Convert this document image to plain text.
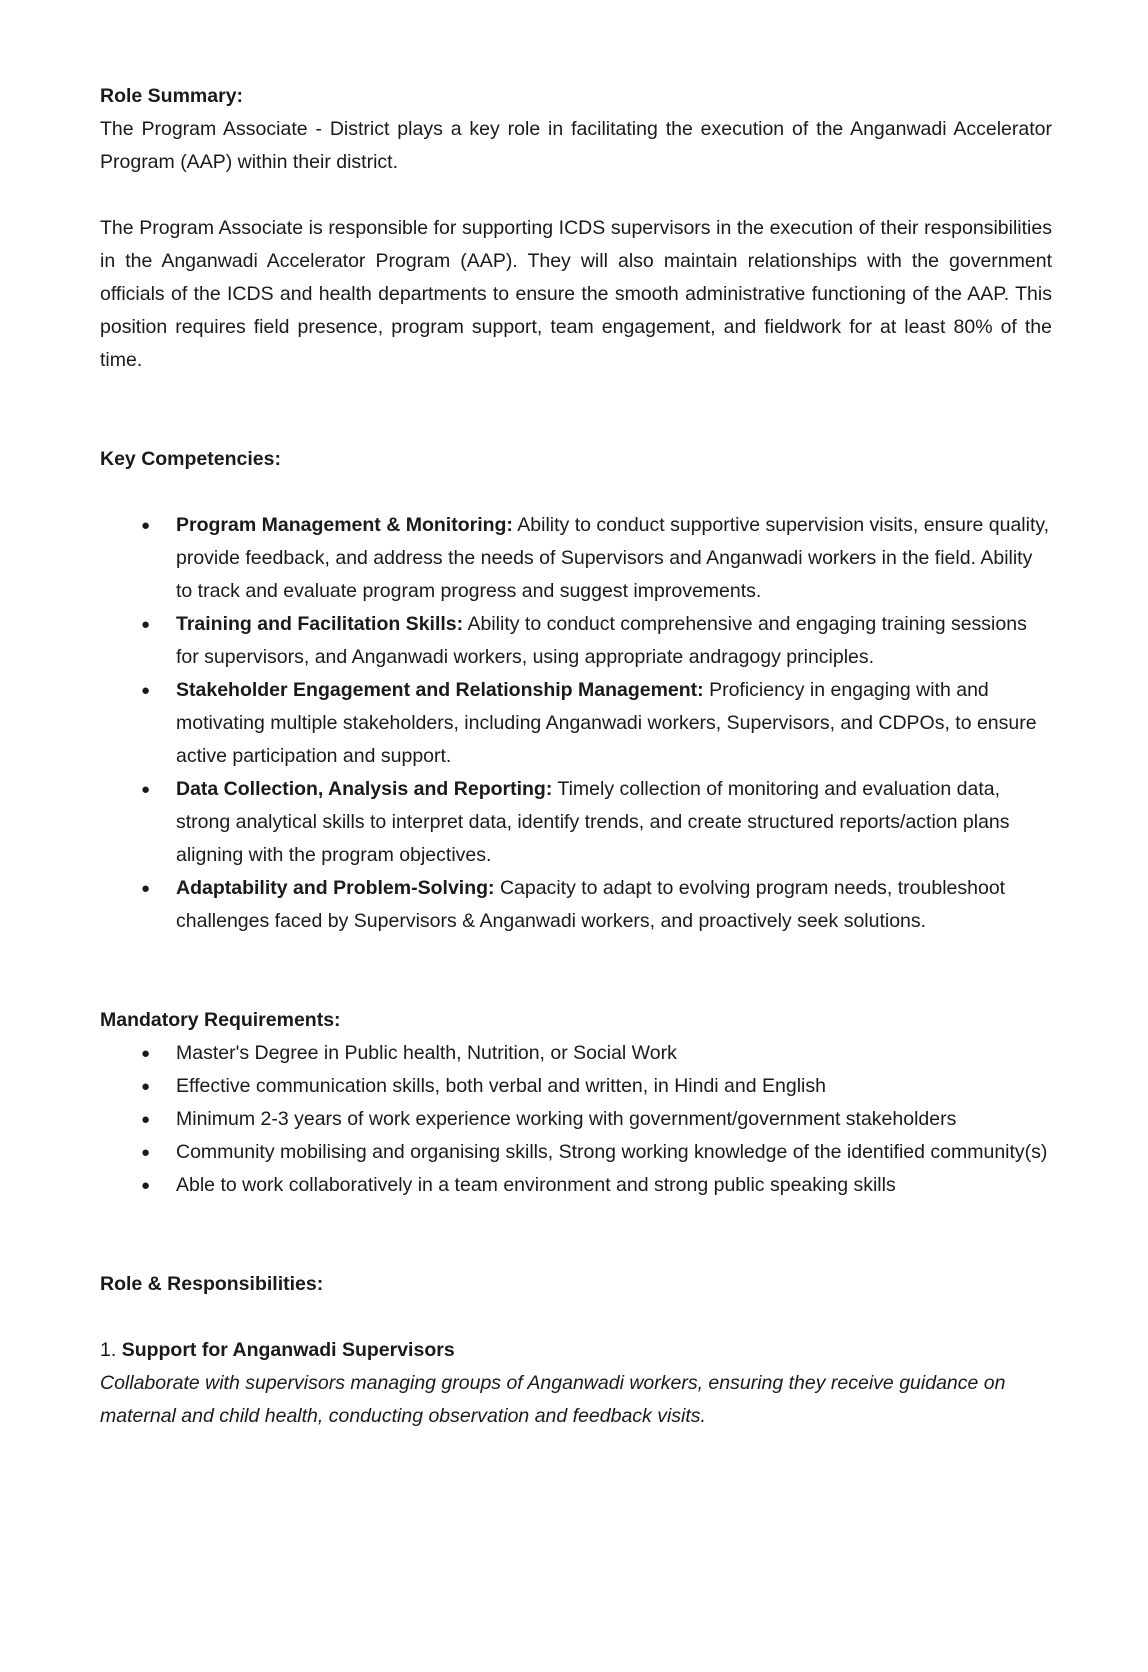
Role Summary:

The Program Associate - District plays a key role in facilitating the execution of the Anganwadi Accelerator Program (AAP) within their district.

The Program Associate is responsible for supporting ICDS supervisors in the execution of their responsibilities in the Anganwadi Accelerator Program (AAP). They will also maintain relationships with the government officials of the ICDS and health departments to ensure the smooth administrative functioning of the AAP. This position requires field presence, program support, team engagement, and fieldwork for at least 80% of the time.

Key Competencies:

● Program Management & Monitoring: Ability to conduct supportive supervision visits, ensure quality, provide feedback, and address the needs of Supervisors and Anganwadi workers in the field. Ability to track and evaluate program progress and suggest improvements.
● Training and Facilitation Skills: Ability to conduct comprehensive and engaging training sessions for supervisors, and Anganwadi workers, using appropriate andragogy principles.
● Stakeholder Engagement and Relationship Management: Proficiency in engaging with and motivating multiple stakeholders, including Anganwadi workers, Supervisors, and CDPOs, to ensure active participation and support.
● Data Collection, Analysis and Reporting: Timely collection of monitoring and evaluation data, strong analytical skills to interpret data, identify trends, and create structured reports/action plans aligning with the program objectives.
● Adaptability and Problem-Solving: Capacity to adapt to evolving program needs, troubleshoot challenges faced by Supervisors & Anganwadi workers, and proactively seek solutions.

Mandatory Requirements:

● Master's Degree in Public health, Nutrition, or Social Work
● Effective communication skills, both verbal and written, in Hindi and English
● Minimum 2-3 years of work experience working with government/government stakeholders
● Community mobilising and organising skills, Strong working knowledge of the identified community(s)
● Able to work collaboratively in a team environment and strong public speaking skills

Role & Responsibilities:

1. Support for Anganwadi Supervisors

Collaborate with supervisors managing groups of Anganwadi workers, ensuring they receive guidance on maternal and child health, conducting observation and feedback visits.
